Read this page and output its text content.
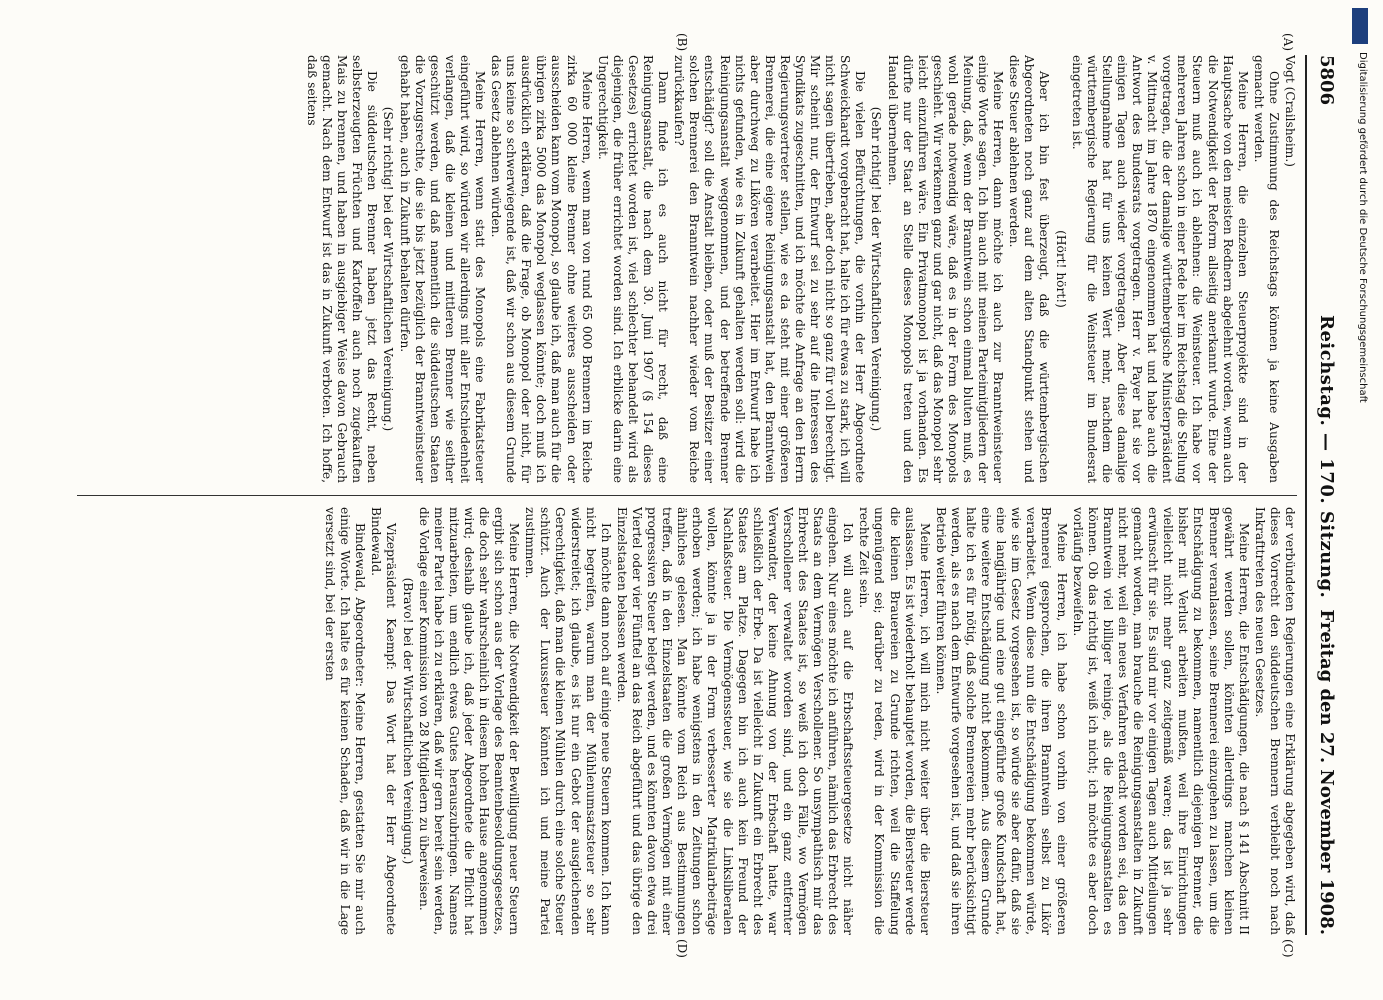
5806
Reichstag. — 170. Sitzung.
Freitag den 27. November 1908.
(A)
(B)
(C)
(D)

Vogt (Crailsheim.)

Ohne Zustimmung des Reichstags können ja keine Ausgaben gemacht werden.

Meine Herren, die einzelnen Steuerprojekte sind in der Hauptsache von den meisten Rednern abgelehnt worden, wenn auch die Notwendigkeit der Reform allseitig anerkannt wurde. Eine der Steuern muß auch ich ablehnen: die Weinsteuer. Ich habe vor mehreren Jahren schon in einer Rede hier im Reichstag die Stellung vorgetragen, die der damalige württembergische Ministerpräsident v. Mittnacht im Jahre 1870 eingenommen hat und habe auch die Antwort des Bundesrats vorgetragen. Herr v. Payer hat sie vor einigen Tagen auch wieder vorgetragen. Aber diese damalige Stellungnahme hat für uns keinen Wert mehr, nachdem die württembergische Regierung für die Weinsteuer im Bundesrat eingetreten ist.

(Hört! hört!)

Aber ich bin fest überzeugt, daß die württembergischen Abgeordneten noch ganz auf dem alten Standpunkt stehen und diese Steuer ablehnen werden.

Meine Herren, dann möchte ich auch zur Branntweinsteuer einige Worte sagen. Ich bin auch mit meinen Parteimitgliedern der Meinung, daß, wenn der Branntwein schon einmal bluten muß, es wohl gerade notwendig wäre, daß es in der Form des Monopols geschieht. Wir verkennen ganz und gar nicht, daß das Monopol sehr leicht einzuführen wäre. Ein Privatmonopol ist ja vorhanden. Es dürfte nur der Staat an Stelle dieses Monopols treten und den Handel übernehmen.

(Sehr richtig! bei der Wirtschaftlichen Vereinigung.)

Die vielen Befürchtungen, die vorhin der Herr Abgeordnete Schweickhardt vorgebracht hat, halte ich für etwas zu stark, ich will nicht sagen übertrieben, aber doch nicht so ganz für voll berechtigt. Mir scheint nur, der Entwurf sei zu sehr auf die Interessen des Syndikats zugeschnitten, und ich möchte die Anfrage an den Herrn Regierungsvertreter stellen, wie es da steht mit einer größeren Brennerei, die eine eigene Reinigungsanstalt hat, den Branntwein aber durchweg zu Likören verarbeitet. Hier im Entwurf habe ich nichts gefunden, wie es in Zukunft gehalten werden soll: wird die Reinigungsanstalt weggenommen, und der betreffende Brenner entschädigt? soll die Anstalt bleiben, oder muß der Besitzer einer solchen Brennerei den Branntwein nachher wieder vom Reiche zurückkaufen?

Dann finde ich es auch nicht für recht, daß eine Reinigungsanstalt, die nach dem 30. Juni 1907 (§ 154 dieses Gesetzes) errichtet worden ist, viel schlechter behandelt wird als diejenigen, die früher errichtet worden sind. Ich erblicke darin eine Ungerechtigkeit.

Meine Herren, wenn man von rund 65 000 Brennern im Reiche zirka 60 000 kleine Brenner ohne weiteres ausscheiden oder ausscheiden kann vom Monopol, so glaube ich, daß man auch für die übrigen zirka 5000 das Monopol weglassen könnte; doch muß ich ausdrücklich erklären, daß die Frage, ob Monopol oder nicht, für uns keine so schwerwiegende ist, daß wir schon aus diesem Grunde das Gesetz ablehnen würden.

Meine Herren, wenn statt des Monopols eine Fabrikatsteuer eingeführt wird, so würden wir allerdings mit aller Entschiedenheit verlangen, daß die kleinen und mittleren Brenner wie seither geschützt werden, und daß namentlich die süddeutschen Staaten die Vorzugsrechte, die sie bis jetzt bezüglich der Branntweinsteuer gehabt haben, auch in Zukunft behalten dürfen.

(Sehr richtig! bei der Wirtschaftlichen Vereinigung.)

Die süddeutschen Brenner haben jetzt das Recht, neben selbsterzeugten Früchten und Kartoffeln auch noch zugekauften Mais zu brennen, und haben in ausgiebiger Weise davon Gebrauch gemacht. Nach dem Entwurf ist das in Zukunft verboten. Ich hoffe, daß seitens

der verbündeten Regierungen eine Erklärung abgegeben wird, daß dieses Vorrecht den süddeutschen Brennern verbleibt noch nach Inkrafttreten des neuen Gesetzes.

Meine Herren, die Entschädigungen, die nach § 141 Abschnitt II gewährt werden sollen, könnten allerdings manchen kleinen Brenner veranlassen, seine Brennerei einzugehen zu lassen, um die Entschädigung zu bekommen, namentlich diejenigen Brenner, die bisher mit Verlust arbeiten mußten, weil ihre Einrichtungen vielleicht nicht mehr ganz zeitgemäß waren; das ist ja sehr erwünscht für sie. Es sind mir vor einigen Tagen auch Mitteilungen gemacht worden, man brauche die Reinigungsanstalten in Zukunft nicht mehr, weil ein neues Verfahren erdacht worden sei, das den Branntwein viel billiger reinige, als die Reinigungsanstalten es können. Ob das richtig ist, weiß ich nicht; ich möchte es aber doch vorläufig bezweifeln.

Meine Herren, ich habe schon vorhin von einer größeren Brennerei gesprochen, die ihren Branntwein selbst zu Likör verarbeitet. Wenn diese nun die Entschädigung bekommen würde, wie sie im Gesetz vorgesehen ist, so würde sie aber dafür, daß sie eine langjährige und eine gut eingeführte große Kundschaft hat, eine weitere Entschädigung nicht bekommen. Aus diesem Grunde halte ich es für nötig, daß solche Brennereien mehr berücksichtigt werden, als es nach dem Entwurfe vorgesehen ist, und daß sie ihren Betrieb weiter führen können.

Meine Herren, ich will mich nicht weiter über die Biersteuer auslassen. Es ist wiederholt behauptet worden, die Biersteuer werde die kleinen Brauereien zu Grunde richten, weil die Staffelung ungenügend sei; darüber zu reden, wird in der Kommission die rechte Zeit sein.

Ich will auch auf die Erbschaftssteuergesetze nicht näher eingehen. Nur eines möchte ich anführen, nämlich das Erbrecht des Staats an dem Vermögen Verschollener. So unsympathisch mir das Erbrecht des Staates ist, so weiß ich doch Fälle, wo Vermögen Verschollener verwaltet worden sind, und ein ganz entfernter Verwandter, der keine Ahnung von der Erbschaft hatte, war schließlich der Erbe. Da ist vielleicht in Zukunft ein Erbrecht des Staates am Platze. Dagegen bin ich auch kein Freund der Nachlaßsteuer. Die Vermögenssteuer, wie sie die Linksliberalen wollen, könnte ja in der Form verbesserter Matrikularbeiträge erhoben werden; ich habe wenigstens in den Zeitungen schon ähnliches gelesen. Man könnte vom Reich aus Bestimmungen treffen, daß in den Einzelstaaten die großen Vermögen mit einer progressiven Steuer belegt werden, und es könnten davon etwa drei Viertel oder vier Fünftel an das Reich abgeführt und das übrige den Einzelstaaten belassen werden.

Ich möchte dann noch auf einige neue Steuern kommen. Ich kann nicht begreifen, warum man der Mühlenumsatzsteuer so sehr widerstreitet; ich glaube, es ist nur ein Gebot der ausgleichenden Gerechtigkeit, daß man die kleinen Mühlen durch eine solche Steuer schützt. Auch der Luxussteuer könnten ich und meine Partei zustimmen.

Meine Herren, die Notwendigkeit der Bewilligung neuer Steuern ergibt sich schon aus der Vorlage des Beamtenbesoldungsgesetzes, die doch sehr wahrscheinlich in diesem hohen Hause angenommen wird; deshalb glaube ich, daß jeder Abgeordnete die Pflicht hat mitzuarbeiten, um endlich etwas Gutes herauszubringen. Namens meiner Partei habe ich zu erklären, daß wir gern bereit sein werden, die Vorlage einer Kommission von 28 Mitgliedern zu überweisen.

(Bravo! bei der Wirtschaftlichen Vereinigung.)

Vizepräsident Kaempf: Das Wort hat der Herr Abgeordnete Bindewald.

Bindewald, Abgeordneter: Meine Herren, gestatten Sie mir auch einige Worte. Ich halte es für keinen Schaden, daß wir in die Lage versetzt sind, bei der ersten

Digitalisierung gefördert durch die Deutsche Forschungsgemeinschaft
